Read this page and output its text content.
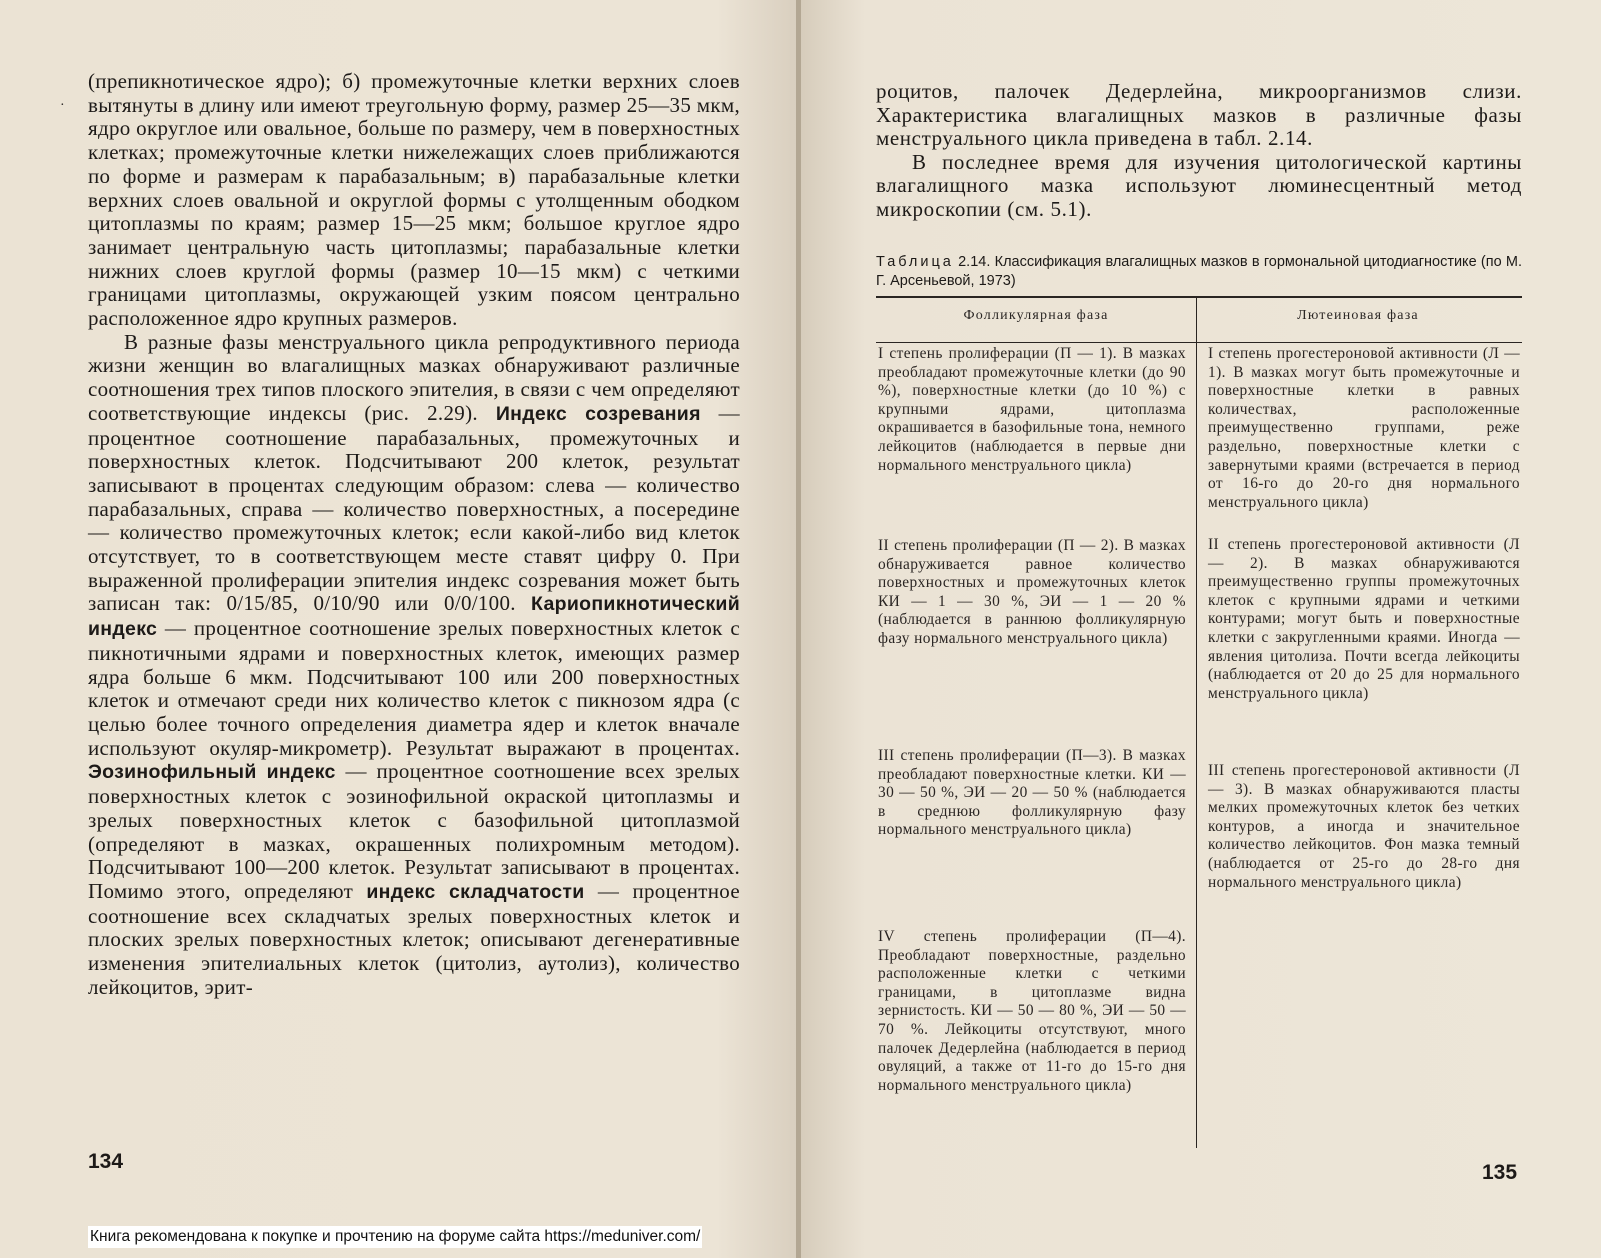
·

(препикнотическое ядро); б) промежуточные клетки верхних слоев вытянуты в длину или имеют треугольную форму, размер 25—35 мкм, ядро округлое или овальное, больше по размеру, чем в поверхностных клетках; промежуточные клетки нижележащих слоев приближаются по форме и размерам к парабазальным; в) парабазальные клетки верхних слоев овальной и округлой формы с утолщенным ободком цитоплазмы по краям; размер 15—25 мкм; большое круглое ядро занимает центральную часть цитоплазмы; парабазальные клетки нижних слоев круглой формы (размер 10—15 мкм) с четкими границами цитоплазмы, окружающей узким поясом центрально расположенное ядро крупных размеров.

В разные фазы менструального цикла репродуктивного периода жизни женщин во влагалищных мазках обнаруживают различные соотношения трех типов плоского эпителия, в связи с чем определяют соответствующие индексы (рис. 2.29). Индекс созревания — процентное соотношение парабазальных, промежуточных и поверхностных клеток. Подсчитывают 200 клеток, результат записывают в процентах следующим образом: слева — количество парабазальных, справа — количество поверхностных, а посередине — количество промежуточных клеток; если какой-либо вид клеток отсутствует, то в соответствующем месте ставят цифру 0. При выраженной пролиферации эпителия индекс созревания может быть записан так: 0/15/85, 0/10/90 или 0/0/100. Кариопикнотический индекс — процентное соотношение зрелых поверхностных клеток с пикнотичными ядрами и поверхностных клеток, имеющих размер ядра больше 6 мкм. Подсчитывают 100 или 200 поверхностных клеток и отмечают среди них количество клеток с пикнозом ядра (с целью более точного определения диаметра ядер и клеток вначале используют окуляр-микрометр). Результат выражают в процентах. Эозинофильный индекс — процентное соотношение всех зрелых поверхностных клеток с эозинофильной окраской цитоплазмы и зрелых поверхностных клеток с базофильной цитоплазмой (определяют в мазках, окрашенных полихромным методом). Подсчитывают 100—200 клеток. Результат записывают в процентах. Помимо этого, определяют индекс складчатости — процентное соотношение всех складчатых зрелых поверхностных клеток и плоских зрелых поверхностных клеток; описывают дегенеративные изменения эпителиальных клеток (цитолиз, аутолиз), количество лейкоцитов, эрит-

134

роцитов, палочек Дедерлейна, микроорганизмов слизи. Характеристика влагалищных мазков в различные фазы менструального цикла приведена в табл. 2.14.

В последнее время для изучения цитологической картины влагалищного мазка используют люминесцентный метод микроскопии (см. 5.1).

Таблица 2.14. Классификация влагалищных мазков в гормональной цитодиагностике (по М. Г. Арсеньевой, 1973)
Фолликулярная фаза	Лютеиновая фаза
I степень пролиферации (П — 1). В мазках преобладают промежуточные клетки (до 90 %), поверхностные клетки (до 10 %) с крупными ядрами, цитоплазма окрашивается в базофильные тона, немного лейкоцитов (наблюдается в первые дни нормального менструального цикла)
II степень пролиферации (П — 2). В мазках обнаруживается равное количество поверхностных и промежуточных клеток КИ — 1 — 30 %, ЭИ — 1 — 20 % (наблюдается в раннюю фолликулярную фазу нормального менструального цикла)
III степень пролиферации (П—3). В мазках преобладают поверхностные клетки. КИ — 30 — 50 %, ЭИ — 20 — 50 % (наблюдается в среднюю фолликулярную фазу нормального менструального цикла)
IV степень пролиферации (П—4). Преобладают поверхностные, раздельно расположенные клетки с четкими границами, в цитоплазме видна зернистость. КИ — 50 — 80 %, ЭИ — 50 — 70 %. Лейкоциты отсутствуют, много палочек Дедерлейна (наблюдается в период овуляций, а также от 11-го до 15-го дня нормального менструального цикла)
I степень прогестероновой активности (Л — 1). В мазках могут быть промежуточные и поверхностные клетки в равных количествах, расположенные преимущественно группами, реже раздельно, поверхностные клетки с завернутыми краями (встречается в период от 16-го до 20-го дня нормального менструального цикла)
II степень прогестероновой активности (Л — 2). В мазках обнаруживаются преимущественно группы промежуточных клеток с крупными ядрами и четкими контурами; могут быть и поверхностные клетки с закругленными краями. Иногда — явления цитолиза. Почти всегда лейкоциты (наблюдается от 20 до 25 для нормального менструального цикла)
III степень прогестероновой активности (Л — 3). В мазках обнаруживаются пласты мелких промежуточных клеток без четких контуров, а иногда и значительное количество лейкоцитов. Фон мазка темный (наблюдается от 25-го до 28-го дня нормального менструального цикла)
135
Книга рекомендована к покупке и прочтению на форуме сайта https://meduniver.com/
